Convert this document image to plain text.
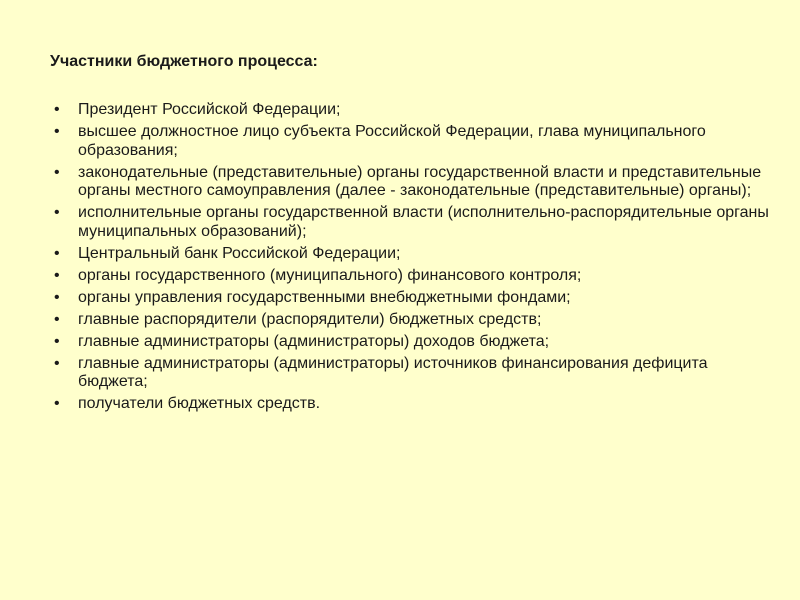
Участники бюджетного процесса:
• Президент Российской Федерации;
• высшее должностное лицо субъекта Российской Федерации, глава муниципального образования;
• законодательные (представительные) органы государственной власти и представительные органы местного самоуправления (далее - законодательные (представительные) органы);
• исполнительные органы государственной власти (исполнительно-распорядительные органы муниципальных образований);
• Центральный банк Российской Федерации;
• органы государственного (муниципального) финансового контроля;
• органы управления государственными внебюджетными фондами;
• главные распорядители (распорядители) бюджетных средств;
• главные администраторы (администраторы) доходов бюджета;
• главные администраторы (администраторы) источников финансирования дефицита бюджета;
• получатели бюджетных средств.
